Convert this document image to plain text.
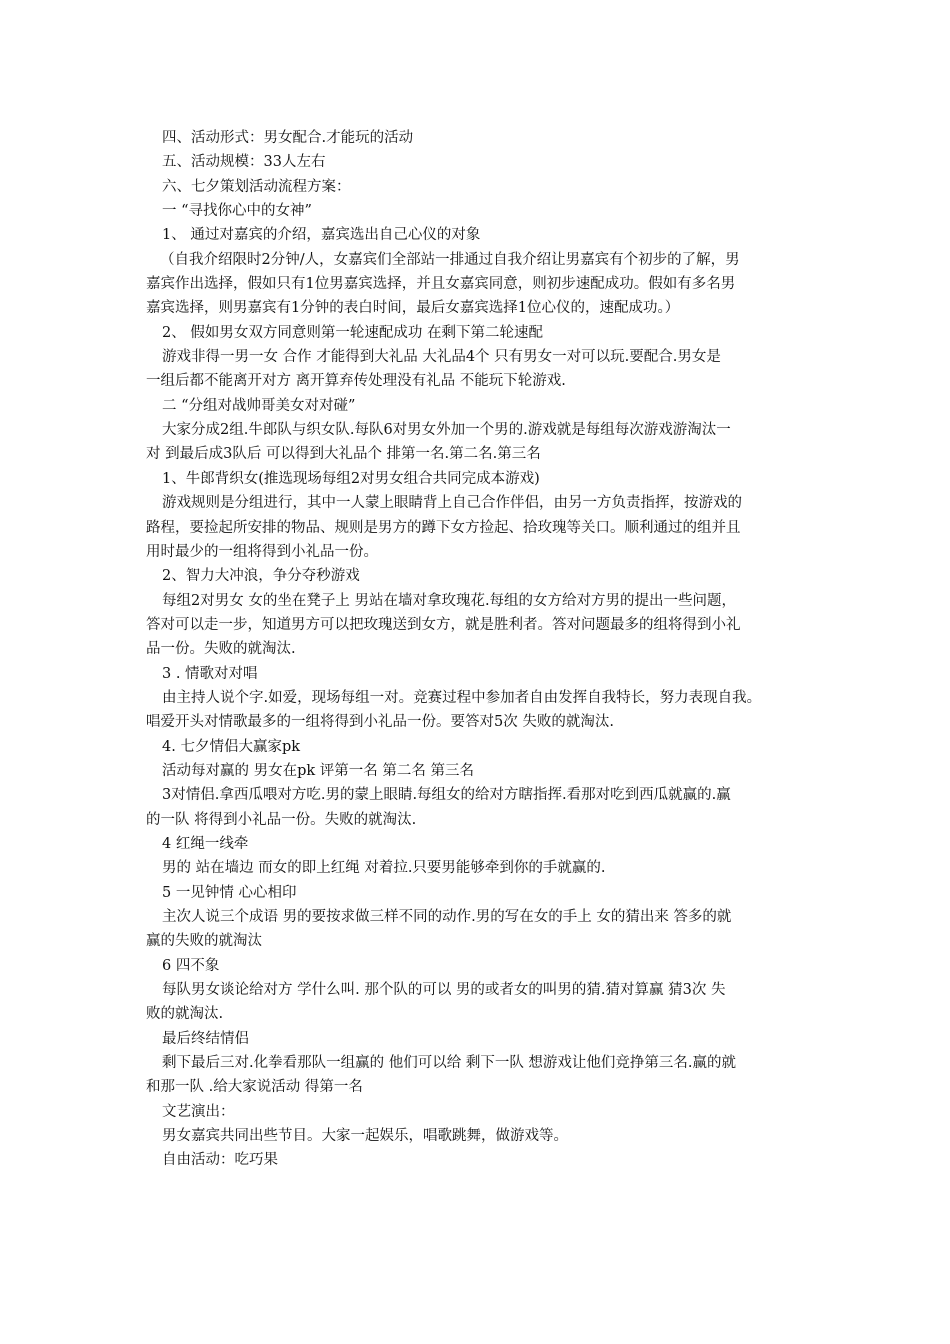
四、活动形式：男女配合.才能玩的活动
五、活动规模：33人左右
六、七夕策划活动流程方案：
一 “寻找你心中的女神”
1、 通过对嘉宾的介绍，嘉宾选出自己心仪的对象
（自我介绍限时2分钟/人，女嘉宾们全部站一排通过自我介绍让男嘉宾有个初步的了解，男
嘉宾作出选择，假如只有1位男嘉宾选择，并且女嘉宾同意，则初步速配成功。假如有多名男
嘉宾选择，则男嘉宾有1分钟的表白时间，最后女嘉宾选择1位心仪的，速配成功。）
2、 假如男女双方同意则第一轮速配成功 在剩下第二轮速配
游戏非得一男一女 合作 才能得到大礼品 大礼品4个 只有男女一对可以玩.要配合.男女是
一组后都不能离开对方 离开算弃传处理没有礼品 不能玩下轮游戏.
二 “分组对战帅哥美女对对碰”
大家分成2组.牛郎队与织女队.每队6对男女外加一个男的.游戏就是每组每次游戏游淘汰一
对 到最后成3队后 可以得到大礼品个 排第一名.第二名.第三名
1、牛郎背织女(推选现场每组2对男女组合共同完成本游戏)
游戏规则是分组进行，其中一人蒙上眼睛背上自己合作伴侣，由另一方负责指挥，按游戏的
路程，要捡起所安排的物品、规则是男方的蹲下女方捡起、拾玫瑰等关口。顺利通过的组并且
用时最少的一组将得到小礼品一份。
2、智力大冲浪，争分夺秒游戏
每组2对男女 女的坐在凳子上 男站在墙对拿玫瑰花.每组的女方给对方男的提出一些问题，
答对可以走一步，知道男方可以把玫瑰送到女方，就是胜利者。答对问题最多的组将得到小礼
品一份。失败的就淘汰.
3 . 情歌对对唱
由主持人说个字.如爱，现场每组一对。竞赛过程中参加者自由发挥自我特长，努力表现自我。
唱爱开头对情歌最多的一组将得到小礼品一份。要答对5次 失败的就淘汰.
4. 七夕情侣大赢家pk
活动每对赢的 男女在pk 评第一名 第二名 第三名
3对情侣.拿西瓜喂对方吃.男的蒙上眼睛.每组女的给对方瞎指挥.看那对吃到西瓜就赢的.赢
的一队 将得到小礼品一份。失败的就淘汰.
4 红绳一线牵
男的 站在墙边 而女的即上红绳 对着拉.只要男能够牵到你的手就赢的.
5 一见钟情 心心相印
主次人说三个成语 男的要按求做三样不同的动作.男的写在女的手上 女的猜出来 答多的就
赢的失败的就淘汰
6 四不象
每队男女谈论给对方 学什么叫. 那个队的可以 男的或者女的叫男的猜.猜对算赢 猜3次 失
败的就淘汰.
最后终结情侣
剩下最后三对.化拳看那队一组赢的 他们可以给 剩下一队 想游戏让他们竞挣第三名.赢的就
和那一队 .给大家说活动 得第一名
文艺演出：
男女嘉宾共同出些节目。大家一起娱乐，唱歌跳舞，做游戏等。
自由活动：吃巧果
